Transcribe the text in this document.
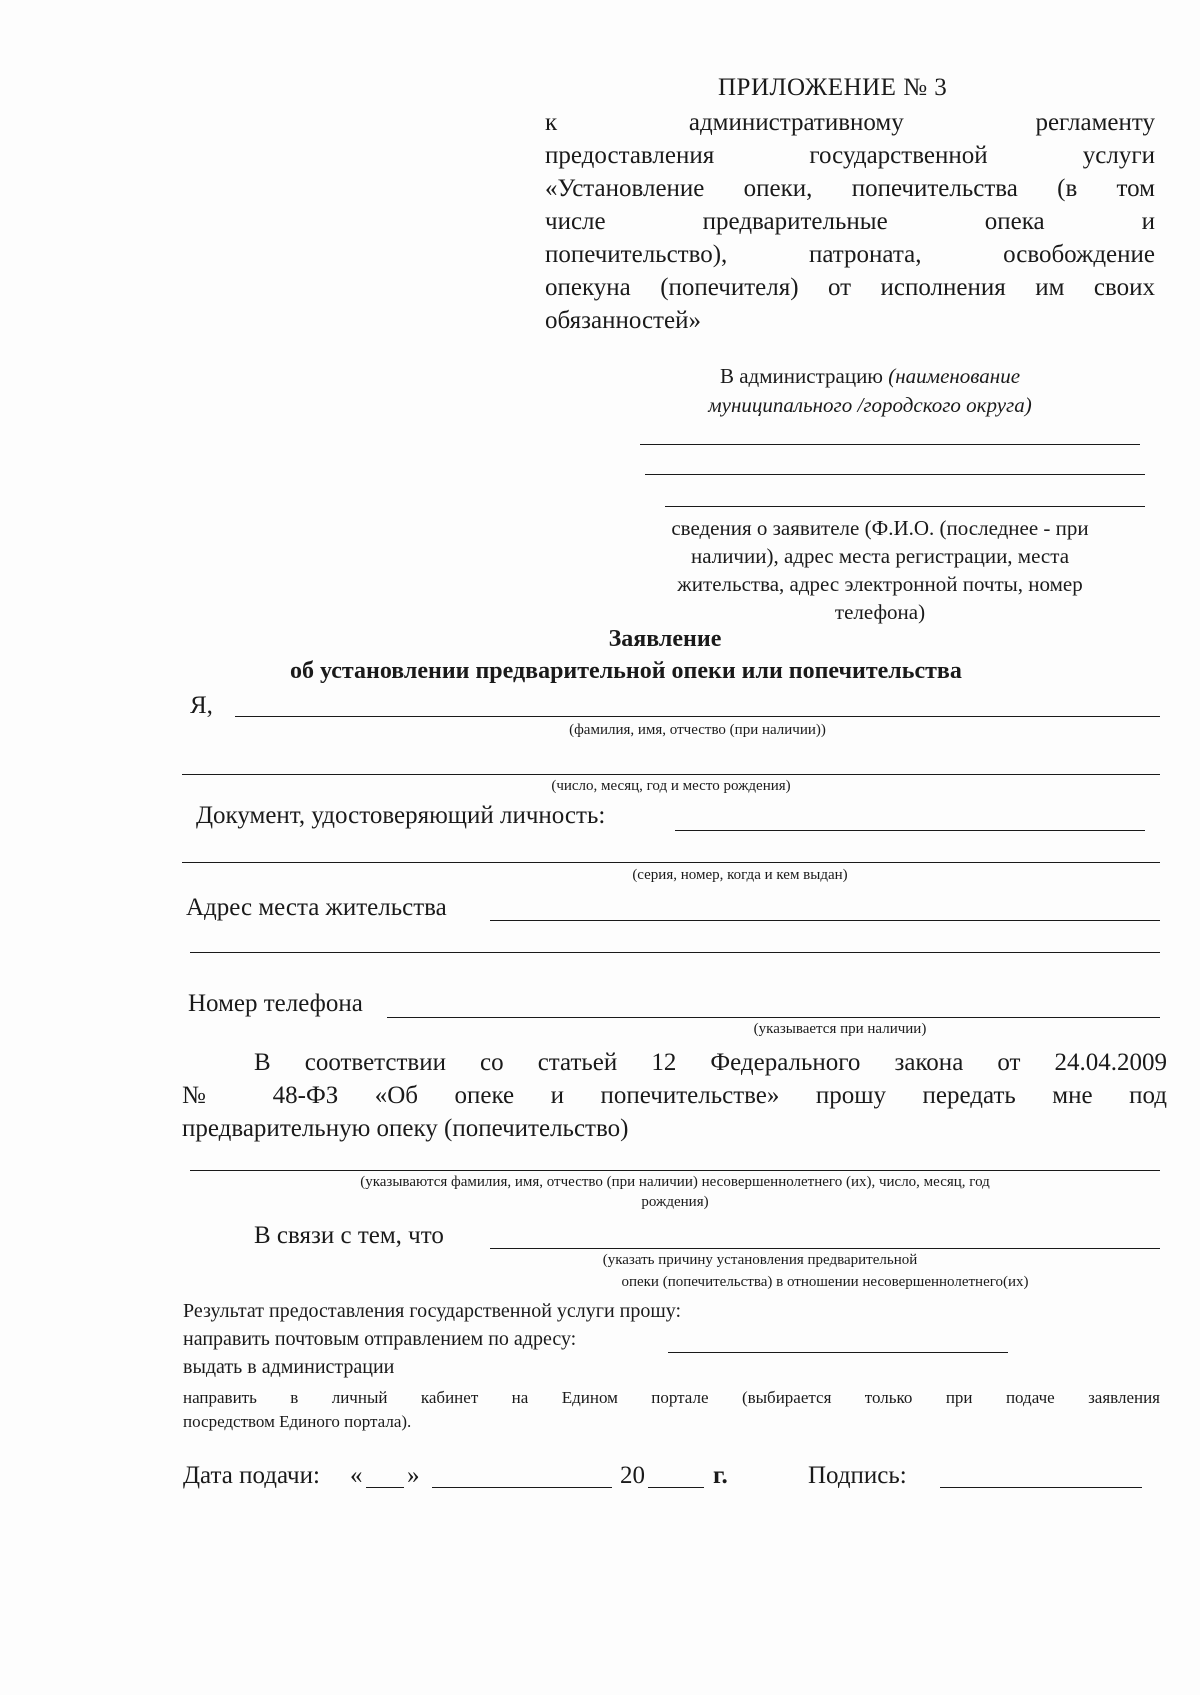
ПРИЛОЖЕНИЕ № 3
к административному регламенту
предоставления государственной услуги
«Установление опеки, попечительства (в том
числе предварительные опека и
попечительство), патроната, освобождение
опекуна (попечителя) от исполнения им своих
обязанностей»
В администрацию (наименование
муниципального /городского округа)
сведения о заявителе (Ф.И.О. (последнее - при
наличии), адрес места регистрации, места
жительства, адрес электронной почты, номер
телефона)
Заявление
об установлении предварительной опеки или попечительства
Я,
(фамилия, имя, отчество (при наличии))
(число, месяц, год и место рождения)
Документ, удостоверяющий личность:
(серия, номер, когда и кем выдан)
Адрес места жительства
Номер телефона
(указывается при наличии)
В соответствии со статьей 12 Федерального закона от 24.04.2009
№ 48-ФЗ «Об опеке и попечительстве» прошу передать мне под
предварительную опеку (попечительство)
(указываются фамилия, имя, отчество (при наличии) несовершеннолетнего (их), число, месяц, год
рождения)
В связи с тем, что
(указать причину установления предварительной
опеки (попечительства) в отношении несовершеннолетнего(их)
Результат предоставления государственной услуги прошу:
направить почтовым отправлением по адресу:
выдать в администрации
направить в личный кабинет на Едином портале (выбирается только при подаче заявления
посредством Единого портала).
Дата подачи: « »	20	г.	Подпись:
